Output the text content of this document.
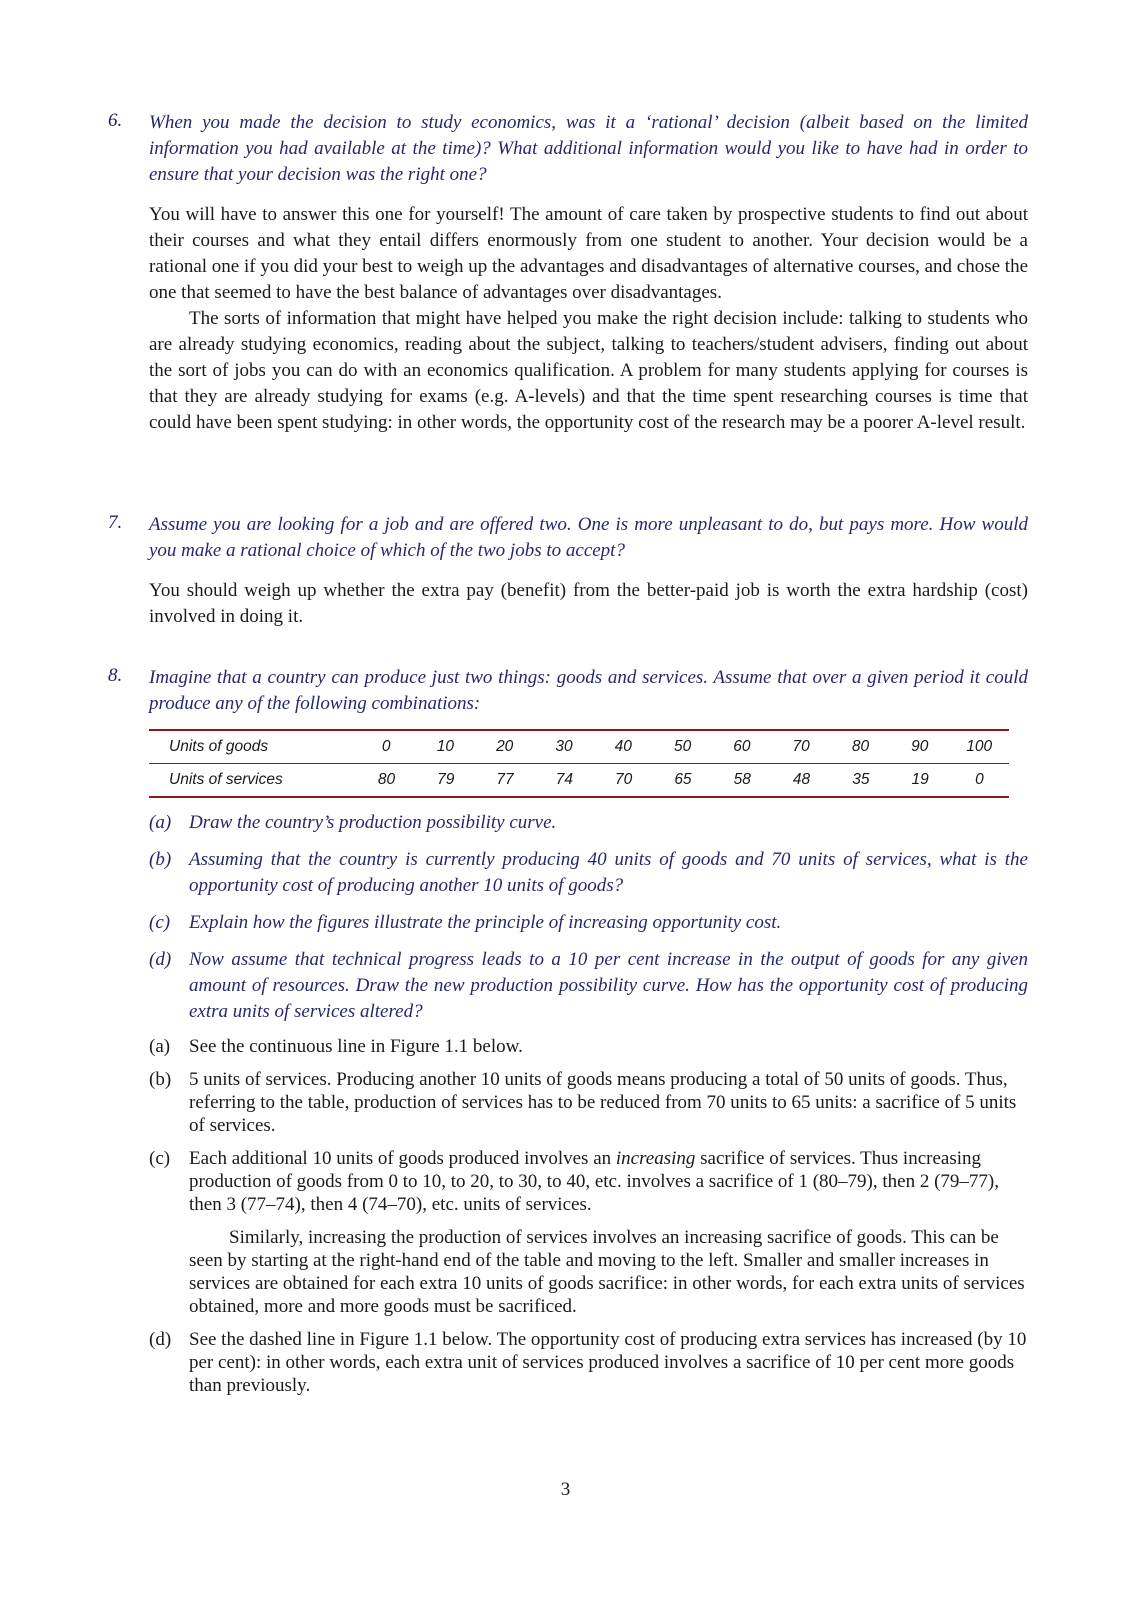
6. When you made the decision to study economics, was it a ‘rational’ decision (albeit based on the limited information you had available at the time)? What additional information would you like to have had in order to ensure that your decision was the right one?

You will have to answer this one for yourself! The amount of care taken by prospective students to find out about their courses and what they entail differs enormously from one student to another. Your decision would be a rational one if you did your best to weigh up the advantages and disadvantages of alternative courses, and chose the one that seemed to have the best balance of advantages over disadvantages.

The sorts of information that might have helped you make the right decision include: talking to students who are already studying economics, reading about the subject, talking to teachers/student advisers, finding out about the sort of jobs you can do with an economics qualification. A problem for many students applying for courses is that they are already studying for exams (e.g. A-levels) and that the time spent researching courses is time that could have been spent studying: in other words, the opportunity cost of the research may be a poorer A-level result.

7. Assume you are looking for a job and are offered two. One is more unpleasant to do, but pays more. How would you make a rational choice of which of the two jobs to accept?

You should weigh up whether the extra pay (benefit) from the better-paid job is worth the extra hardship (cost) involved in doing it.

8. Imagine that a country can produce just two things: goods and services. Assume that over a given period it could produce any of the following combinations:
Units of goods	0	10	20	30	40	50	60	70	80	90	100
Units of services	80	79	77	74	70	65	58	48	35	19	0
(a) Draw the country’s production possibility curve.
(b) Assuming that the country is currently producing 40 units of goods and 70 units of services, what is the opportunity cost of producing another 10 units of goods?
(c) Explain how the figures illustrate the principle of increasing opportunity cost.
(d) Now assume that technical progress leads to a 10 per cent increase in the output of goods for any given amount of resources. Draw the new production possibility curve. How has the opportunity cost of producing extra units of services altered?
(a) See the continuous line in Figure 1.1 below.
(b) 5 units of services. Producing another 10 units of goods means producing a total of 50 units of goods. Thus, referring to the table, production of services has to be reduced from 70 units to 65 units: a sacrifice of 5 units of services.
(c) Each additional 10 units of goods produced involves an increasing sacrifice of services. Thus increasing production of goods from 0 to 10, to 20, to 30, to 40, etc. involves a sacrifice of 1 (80–79), then 2 (79–77), then 3 (77–74), then 4 (74–70), etc. units of services.
Similarly, increasing the production of services involves an increasing sacrifice of goods. This can be seen by starting at the right-hand end of the table and moving to the left. Smaller and smaller increases in services are obtained for each extra 10 units of goods sacrifice: in other words, for each extra units of services obtained, more and more goods must be sacrificed.
(d) See the dashed line in Figure 1.1 below. The opportunity cost of producing extra services has increased (by 10 per cent): in other words, each extra unit of services produced involves a sacrifice of 10 per cent more goods than previously.
3
